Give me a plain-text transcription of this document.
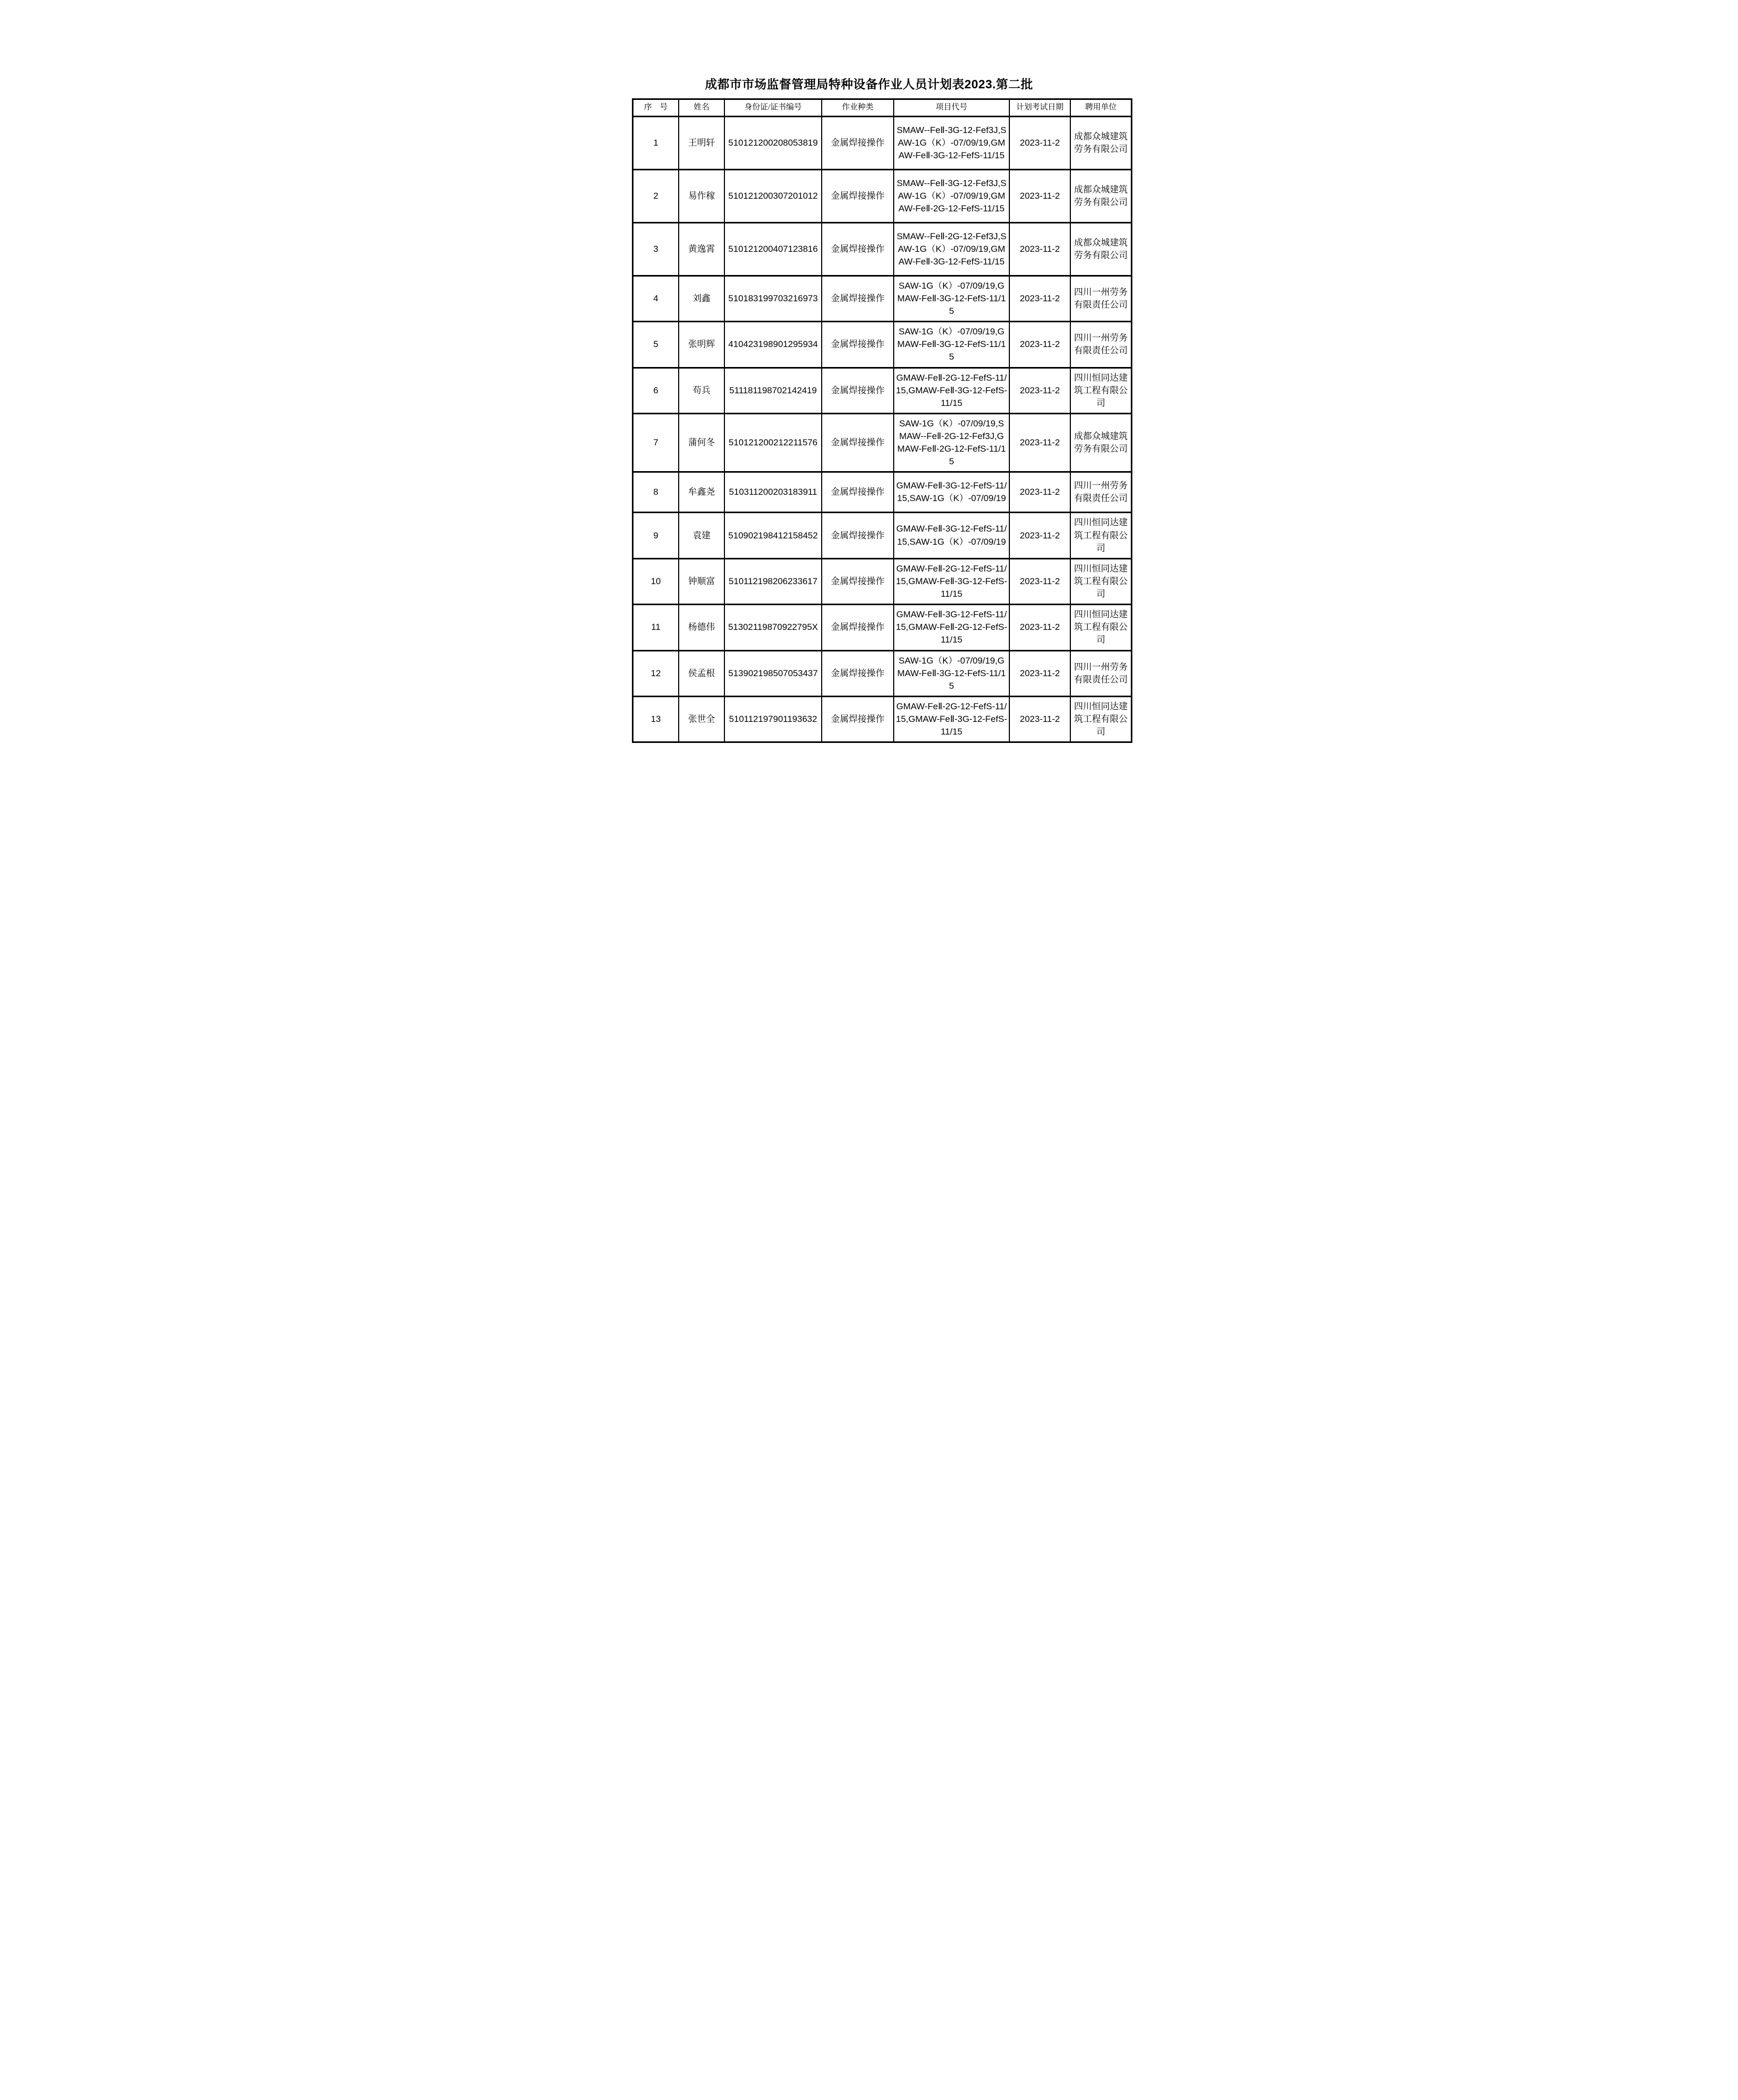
成都市市场监督管理局特种设备作业人员计划表2023.第二批
序　号	姓名	身份证/证书编号	作业种类	项目代号	计划考试日期	聘用单位
1	王明轩	510121200208053819	金属焊接操作	SMAW--FeⅡ-3G-12-Fef3J,SAW-1G（K）-07/09/19,GMAW-FeⅡ-3G-12-FefS-11/15	2023-11-2	成都众城建筑劳务有限公司
2	易作稼	510121200307201012	金属焊接操作	SMAW--FeⅡ-3G-12-Fef3J,SAW-1G（K）-07/09/19,GMAW-FeⅡ-2G-12-FefS-11/15	2023-11-2	成都众城建筑劳务有限公司
3	黄逸霄	510121200407123816	金属焊接操作	SMAW--FeⅡ-2G-12-Fef3J,SAW-1G（K）-07/09/19,GMAW-FeⅡ-3G-12-FefS-11/15	2023-11-2	成都众城建筑劳务有限公司
4	刘鑫	510183199703216973	金属焊接操作	SAW-1G（K）-07/09/19,GMAW-FeⅡ-3G-12-FefS-11/15	2023-11-2	四川一州劳务有限责任公司
5	张明辉	410423198901295934	金属焊接操作	SAW-1G（K）-07/09/19,GMAW-FeⅡ-3G-12-FefS-11/15	2023-11-2	四川一州劳务有限责任公司
6	苟兵	511181198702142419	金属焊接操作	GMAW-FeⅡ-2G-12-FefS-11/15,GMAW-FeⅡ-3G-12-FefS-11/15	2023-11-2	四川恒同达建筑工程有限公司
7	蒲何冬	510121200212211576	金属焊接操作	SAW-1G（K）-07/09/19,SMAW--FeⅡ-2G-12-Fef3J,GMAW-FeⅡ-2G-12-FefS-11/15	2023-11-2	成都众城建筑劳务有限公司
8	牟鑫尧	510311200203183911	金属焊接操作	GMAW-FeⅡ-3G-12-FefS-11/15,SAW-1G（K）-07/09/19	2023-11-2	四川一州劳务有限责任公司
9	袁建	510902198412158452	金属焊接操作	GMAW-FeⅡ-3G-12-FefS-11/15,SAW-1G（K）-07/09/19	2023-11-2	四川恒同达建筑工程有限公司
10	钟顺富	510112198206233617	金属焊接操作	GMAW-FeⅡ-2G-12-FefS-11/15,GMAW-FeⅡ-3G-12-FefS-11/15	2023-11-2	四川恒同达建筑工程有限公司
11	杨德伟	51302119870922795X	金属焊接操作	GMAW-FeⅡ-3G-12-FefS-11/15,GMAW-FeⅡ-2G-12-FefS-11/15	2023-11-2	四川恒同达建筑工程有限公司
12	侯孟根	513902198507053437	金属焊接操作	SAW-1G（K）-07/09/19,GMAW-FeⅡ-3G-12-FefS-11/15	2023-11-2	四川一州劳务有限责任公司
13	张世全	510112197901193632	金属焊接操作	GMAW-FeⅡ-2G-12-FefS-11/15,GMAW-FeⅡ-3G-12-FefS-11/15	2023-11-2	四川恒同达建筑工程有限公司
